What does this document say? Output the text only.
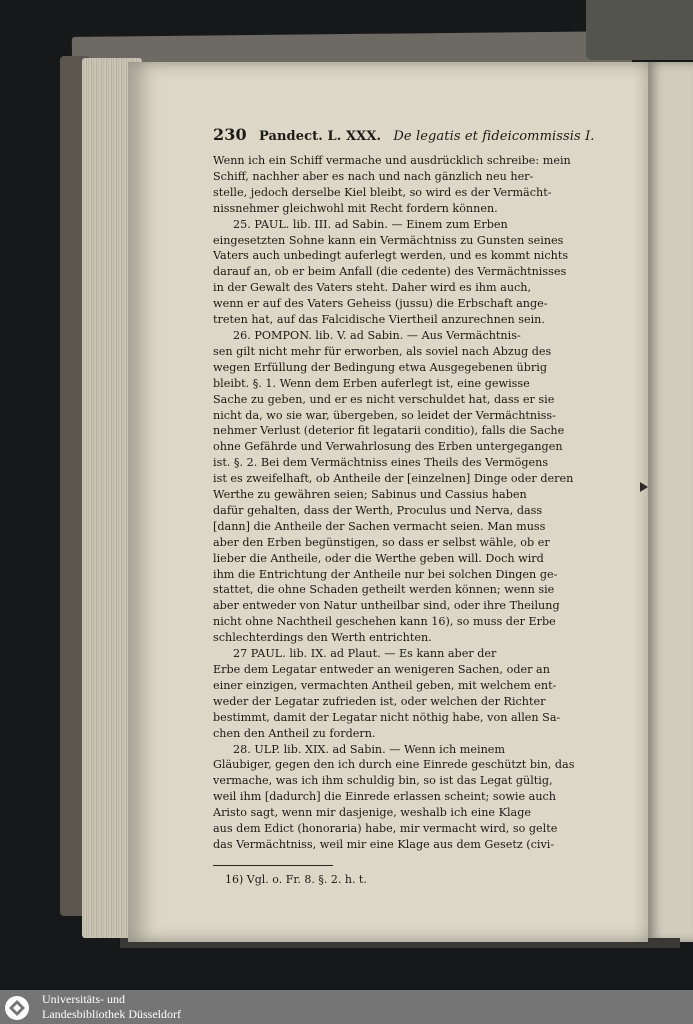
230 Pandect. L. XXX. De legatis et fideicommissis I.

Wenn ich ein Schiff vermache und ausdrücklich schreibe: mein

Schiff, nachher aber es nach und nach gänzlich neu her-

stelle, jedoch derselbe Kiel bleibt, so wird es der Vermächt-

nissnehmer gleichwohl mit Recht fordern können.

25. PAUL. lib. III. ad Sabin. — Einem zum Erben

eingesetzten Sohne kann ein Vermächtniss zu Gunsten seines

Vaters auch unbedingt auferlegt werden, und es kommt nichts

darauf an, ob er beim Anfall (die cedente) des Vermächtnisses

in der Gewalt des Vaters steht. Daher wird es ihm auch,

wenn er auf des Vaters Geheiss (jussu) die Erbschaft ange-

treten hat, auf das Falcidische Viertheil anzurechnen sein.

26. POMPON. lib. V. ad Sabin. — Aus Vermächtnis-

sen gilt nicht mehr für erworben, als soviel nach Abzug des

wegen Erfüllung der Bedingung etwa Ausgegebenen übrig

bleibt. §. 1. Wenn dem Erben auferlegt ist, eine gewisse

Sache zu geben, und er es nicht verschuldet hat, dass er sie

nicht da, wo sie war, übergeben, so leidet der Vermächtniss-

nehmer Verlust (deterior fit legatarii conditio), falls die Sache

ohne Gefährde und Verwahrlosung des Erben untergegangen

ist. §. 2. Bei dem Vermächtniss eines Theils des Vermögens

ist es zweifelhaft, ob Antheile der [einzelnen] Dinge oder deren

Werthe zu gewähren seien; Sabinus und Cassius haben

dafür gehalten, dass der Werth, Proculus und Nerva, dass

[dann] die Antheile der Sachen vermacht seien. Man muss

aber den Erben begünstigen, so dass er selbst wähle, ob er

lieber die Antheile, oder die Werthe geben will. Doch wird

ihm die Entrichtung der Antheile nur bei solchen Dingen ge-

stattet, die ohne Schaden getheilt werden können; wenn sie

aber entweder von Natur untheilbar sind, oder ihre Theilung

nicht ohne Nachtheil geschehen kann 16), so muss der Erbe

schlechterdings den Werth entrichten.

27 PAUL. lib. IX. ad Plaut. — Es kann aber der

Erbe dem Legatar entweder an wenigeren Sachen, oder an

einer einzigen, vermachten Antheil geben, mit welchem ent-

weder der Legatar zufrieden ist, oder welchen der Richter

bestimmt, damit der Legatar nicht nöthig habe, von allen Sa-

chen den Antheil zu fordern.

28. ULP. lib. XIX. ad Sabin. — Wenn ich meinem

Gläubiger, gegen den ich durch eine Einrede geschützt bin, das

vermache, was ich ihm schuldig bin, so ist das Legat gültig,

weil ihm [dadurch] die Einrede erlassen scheint; sowie auch

Aristo sagt, wenn mir dasjenige, weshalb ich eine Klage

aus dem Edict (honoraria) habe, mir vermacht wird, so gelte

das Vermächtniss, weil mir eine Klage aus dem Gesetz (civi-

16) Vgl. o. Fr. 8. §. 2. h. t.
Universitäts- und
Landesbibliothek Düsseldorf
